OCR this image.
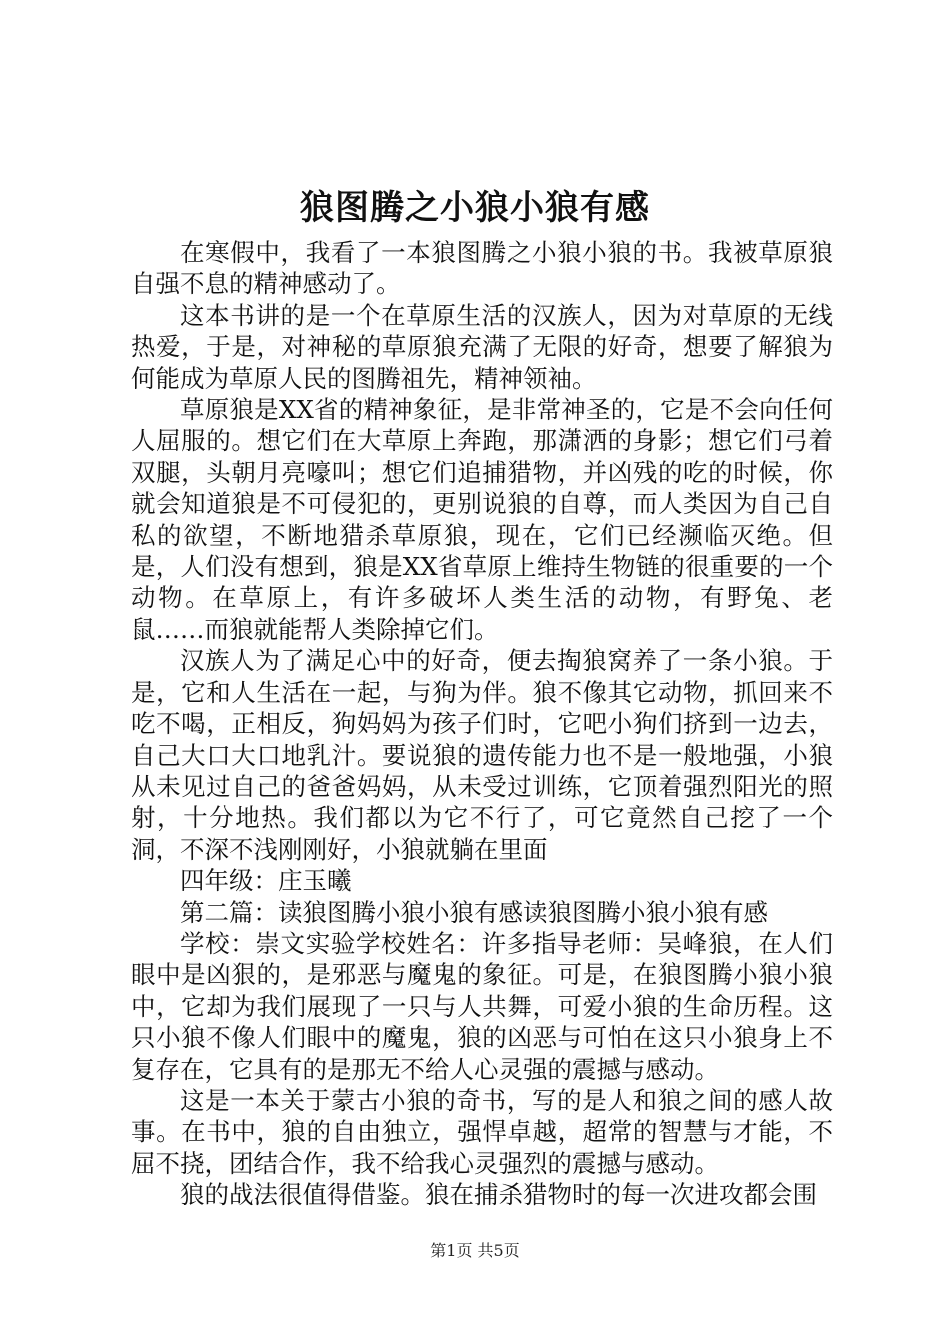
狼图腾之小狼小狼有感

在寒假中，我看了一本狼图腾之小狼小狼的书。我被草原狼自强不息的精神感动了。

这本书讲的是一个在草原生活的汉族人，因为对草原的无线热爱，于是，对神秘的草原狼充满了无限的好奇，想要了解狼为何能成为草原人民的图腾祖先，精神领袖。

草原狼是XX省的精神象征，是非常神圣的，它是不会向任何人屈服的。想它们在大草原上奔跑，那潇洒的身影；想它们弓着双腿，头朝月亮嚎叫；想它们追捕猎物，并凶残的吃的时候，你就会知道狼是不可侵犯的，更别说狼的自尊，而人类因为自己自私的欲望，不断地猎杀草原狼，现在，它们已经濒临灭绝。但是，人们没有想到，狼是XX省草原上维持生物链的很重要的一个动物。在草原上，有许多破坏人类生活的动物，有野兔、老鼠……而狼就能帮人类除掉它们。

汉族人为了满足心中的好奇，便去掏狼窝养了一条小狼。于是，它和人生活在一起，与狗为伴。狼不像其它动物，抓回来不吃不喝，正相反，狗妈妈为孩子们时，它吧小狗们挤到一边去，自己大口大口地乳汁。要说狼的遗传能力也不是一般地强，小狼从未见过自己的爸爸妈妈，从未受过训练，它顶着强烈阳光的照射，十分地热。我们都以为它不行了，可它竟然自己挖了一个洞，不深不浅刚刚好，小狼就躺在里面

四年级：庄玉曦

第二篇：读狼图腾小狼小狼有感读狼图腾小狼小狼有感

学校：崇文实验学校姓名：许多指导老师：吴峰狼，在人们眼中是凶狠的，是邪恶与魔鬼的象征。可是，在狼图腾小狼小狼中，它却为我们展现了一只与人共舞，可爱小狼的生命历程。这只小狼不像人们眼中的魔鬼，狼的凶恶与可怕在这只小狼身上不复存在，它具有的是那无不给人心灵强的震撼与感动。

这是一本关于蒙古小狼的奇书，写的是人和狼之间的感人故事。在书中，狼的自由独立，强悍卓越，超常的智慧与才能，不屈不挠，团结合作，我不给我心灵强烈的震撼与感动。

狼的战法很值得借鉴。狼在捕杀猎物时的每一次进攻都会围

第1页 共5页
